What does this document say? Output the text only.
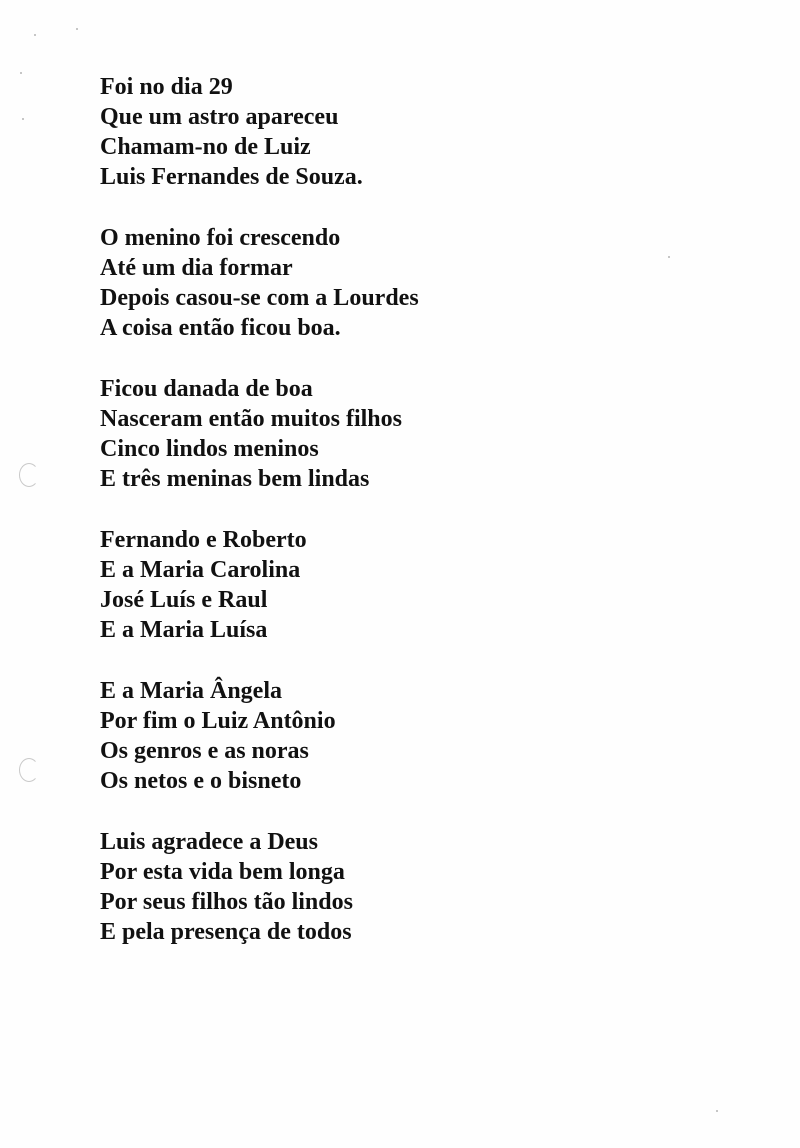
Foi no dia 29
Que um astro apareceu
Chamam-no de Luiz
Luis Fernandes de Souza.
O menino foi crescendo
Até um dia formar
Depois casou-se com a Lourdes
A coisa então ficou boa.
Ficou danada de boa
Nasceram então muitos filhos
Cinco lindos meninos
E três meninas bem lindas
Fernando e Roberto
E a Maria Carolina
José Luís e Raul
E a Maria Luísa
E a Maria Ângela
Por fim o Luiz Antônio
Os genros e as noras
Os netos e o bisneto
Luis agradece a Deus
Por esta vida bem longa
Por seus filhos tão lindos
E pela presença de todos
